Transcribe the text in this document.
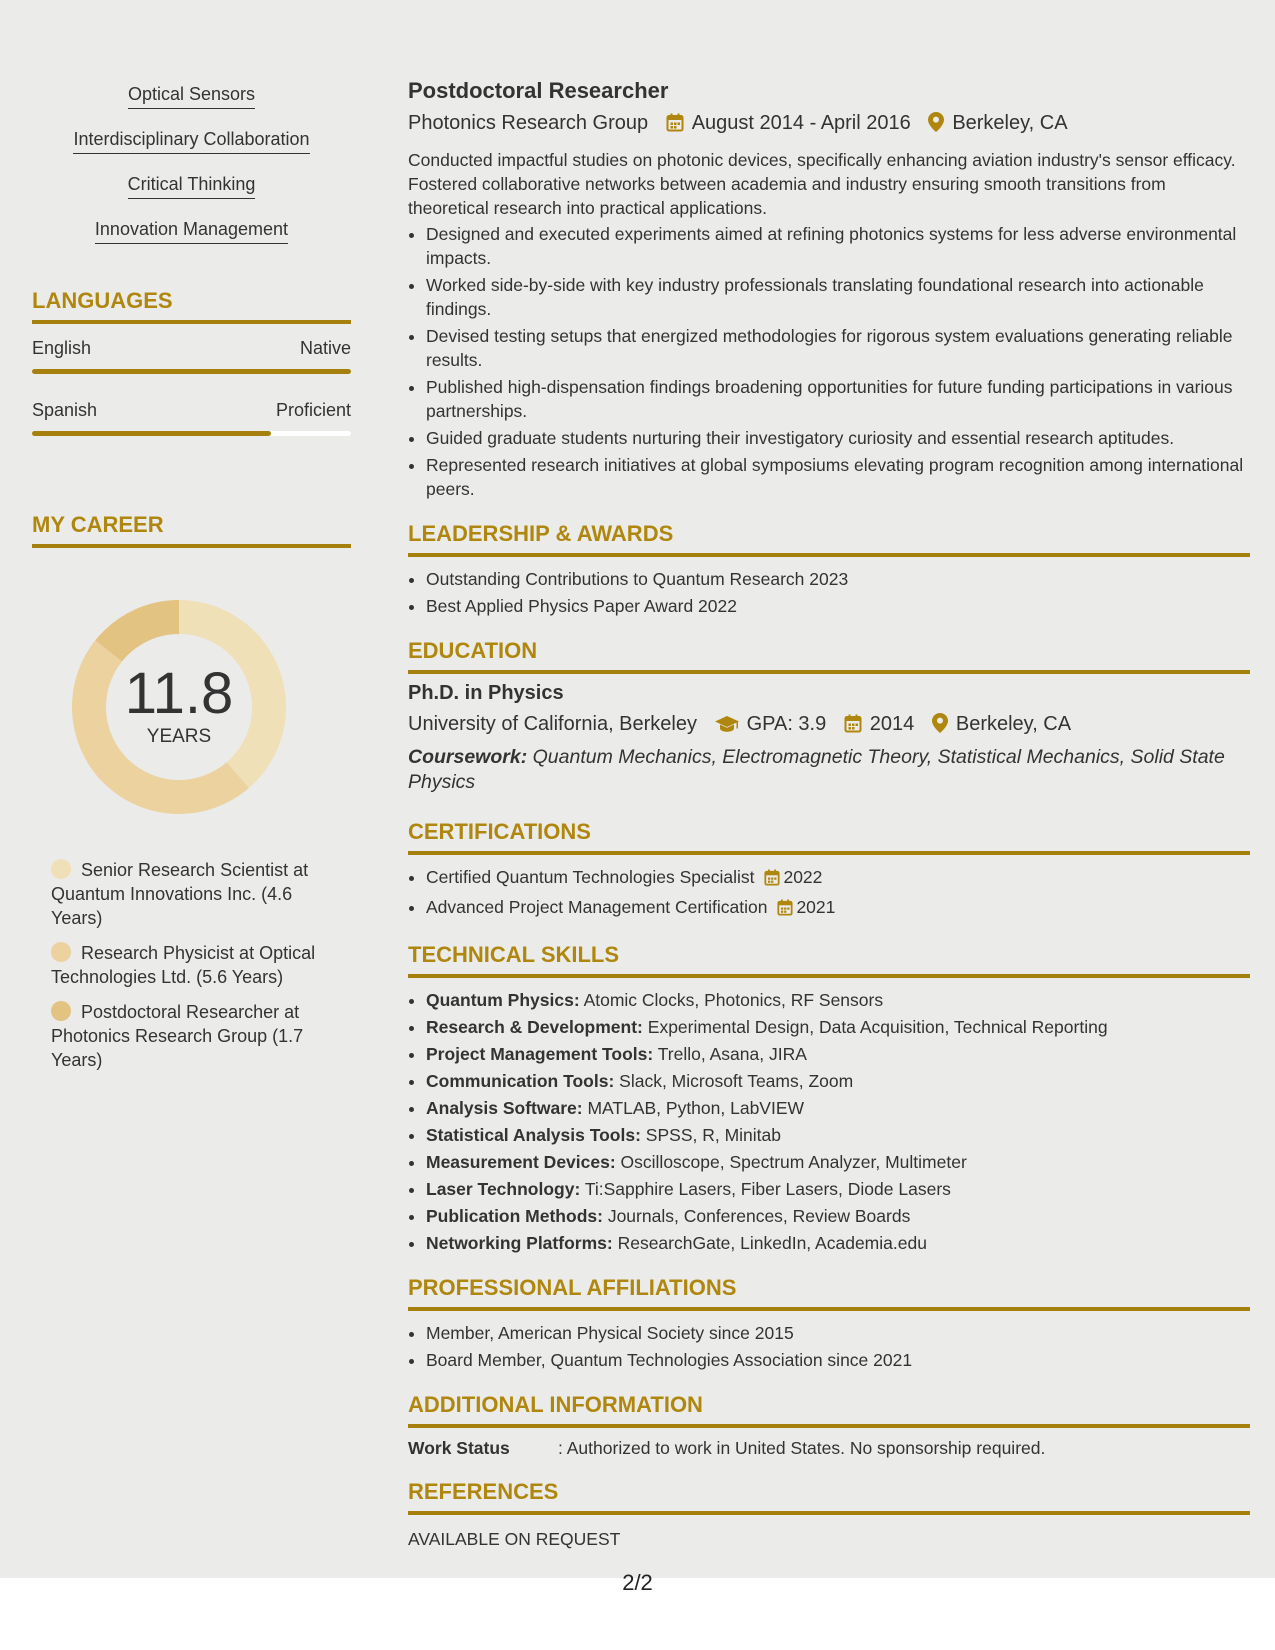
Optical Sensors
Interdisciplinary Collaboration
Critical Thinking
Innovation Management
LANGUAGES
English	Native
Spanish	Proficient
MY CAREER
11.8
YEARS
Senior Research Scientist at Quantum Innovations Inc. (4.6 Years)
Research Physicist at Optical Technologies Ltd. (5.6 Years)
Postdoctoral Researcher at Photonics Research Group (1.7 Years)
Postdoctoral Researcher
Photonics Research Group August 2014 - April 2016 Berkeley, CA
Conducted impactful studies on photonic devices, specifically enhancing aviation industry's sensor efficacy. Fostered collaborative networks between academia and industry ensuring smooth transitions from theoretical research into practical applications.
• Designed and executed experiments aimed at refining photonics systems for less adverse environmental impacts.
• Worked side-by-side with key industry professionals translating foundational research into actionable findings.
• Devised testing setups that energized methodologies for rigorous system evaluations generating reliable results.
• Published high-dispensation findings broadening opportunities for future funding participations in various partnerships.
• Guided graduate students nurturing their investigatory curiosity and essential research aptitudes.
• Represented research initiatives at global symposiums elevating program recognition among international peers.
LEADERSHIP & AWARDS
• Outstanding Contributions to Quantum Research 2023
• Best Applied Physics Paper Award 2022
EDUCATION
Ph.D. in Physics
University of California, Berkeley GPA: 3.9 2014 Berkeley, CA
Coursework: Quantum Mechanics, Electromagnetic Theory, Statistical Mechanics, Solid State Physics
CERTIFICATIONS
• Certified Quantum Technologies Specialist 2022
• Advanced Project Management Certification 2021
TECHNICAL SKILLS
• Quantum Physics: Atomic Clocks, Photonics, RF Sensors
• Research & Development: Experimental Design, Data Acquisition, Technical Reporting
• Project Management Tools: Trello, Asana, JIRA
• Communication Tools: Slack, Microsoft Teams, Zoom
• Analysis Software: MATLAB, Python, LabVIEW
• Statistical Analysis Tools: SPSS, R, Minitab
• Measurement Devices: Oscilloscope, Spectrum Analyzer, Multimeter
• Laser Technology: Ti:Sapphire Lasers, Fiber Lasers, Diode Lasers
• Publication Methods: Journals, Conferences, Review Boards
• Networking Platforms: ResearchGate, LinkedIn, Academia.edu
PROFESSIONAL AFFILIATIONS
• Member, American Physical Society since 2015
• Board Member, Quantum Technologies Association since 2021
ADDITIONAL INFORMATION
Work Status	: Authorized to work in United States. No sponsorship required.
REFERENCES
AVAILABLE ON REQUEST
2/2
